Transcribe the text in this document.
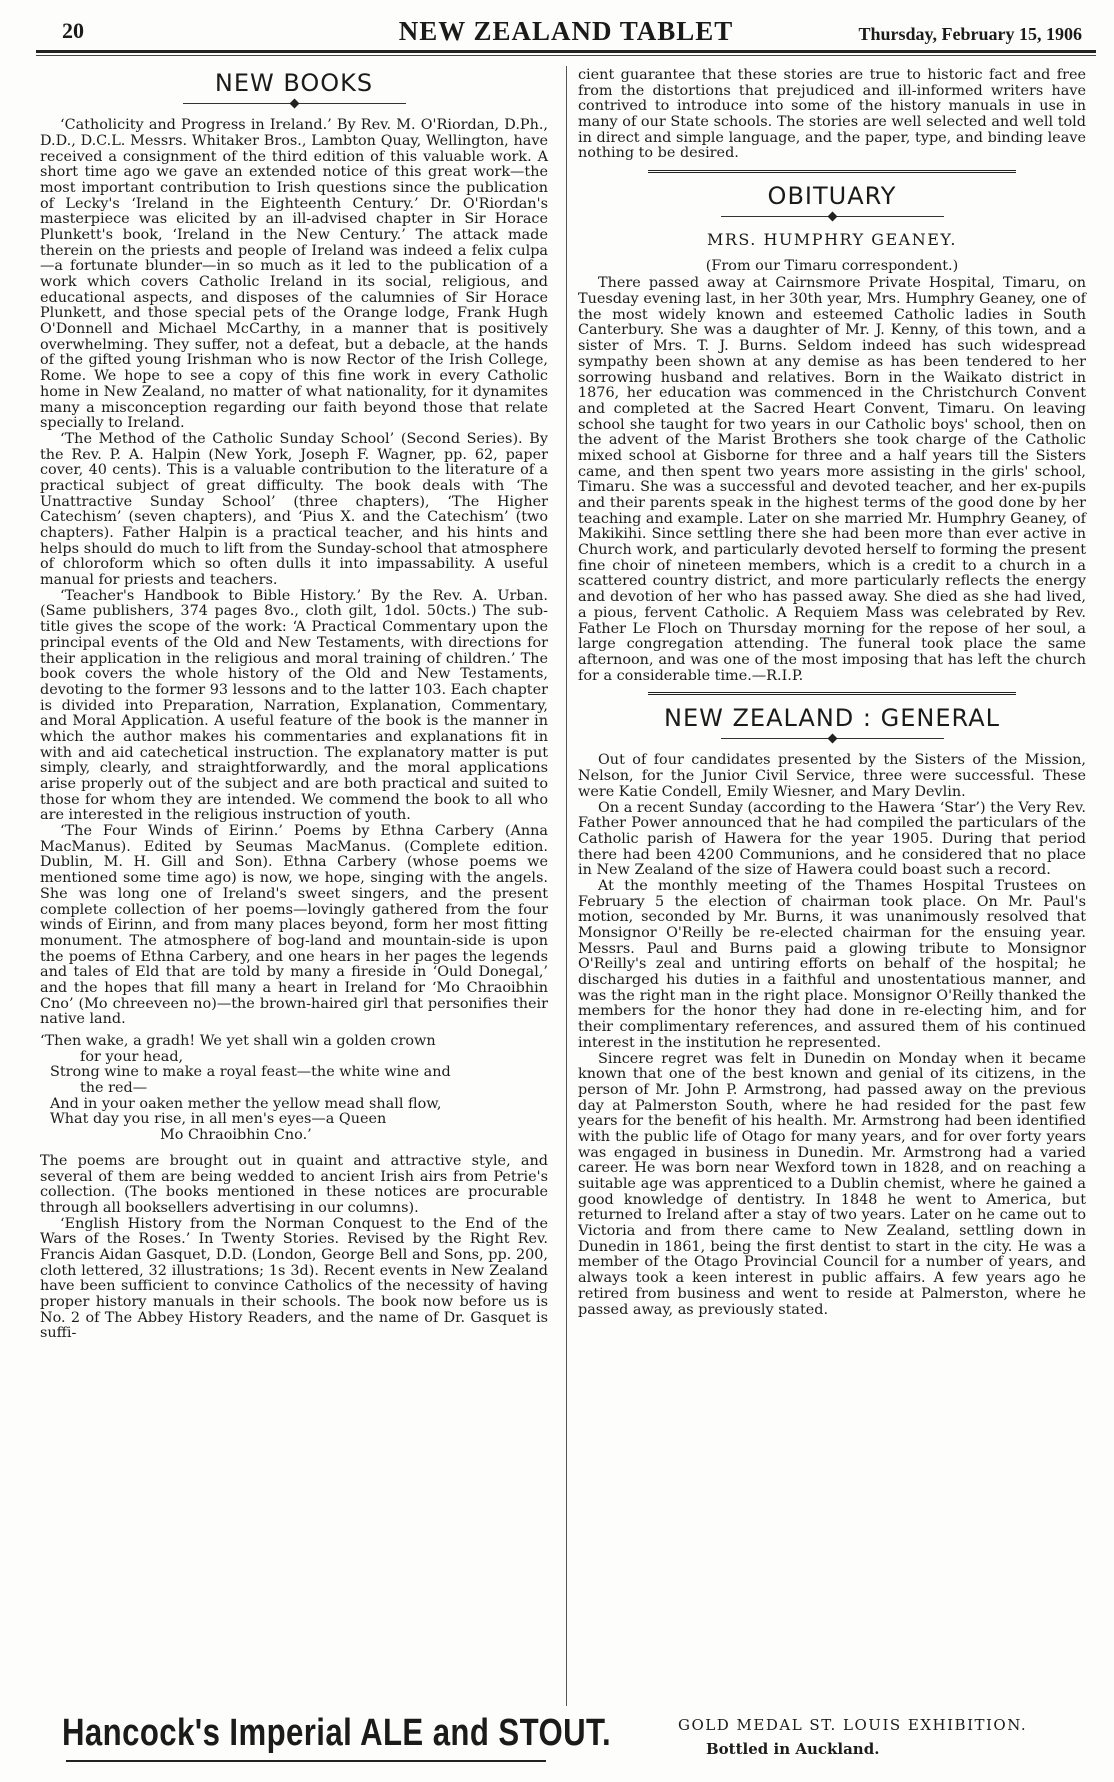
20	NEW ZEALAND TABLET	Thursday, February 15, 1906
NEW BOOKS

‘Catholicity and Progress in Ireland.’ By Rev. M. O'Riordan, D.Ph., D.D., D.C.L. Messrs. Whitaker Bros., Lambton Quay, Wellington, have received a consignment of the third edition of this valuable work. A short time ago we gave an extended notice of this great work—the most important contribution to Irish questions since the publication of Lecky's ‘Ireland in the Eighteenth Century.’ Dr. O'Riordan's masterpiece was elicited by an ill-advised chapter in Sir Horace Plunkett's book, ‘Ireland in the New Century.’ The attack made therein on the priests and people of Ireland was indeed a felix culpa—a fortunate blunder—in so much as it led to the publication of a work which covers Catholic Ireland in its social, religious, and educational aspects, and disposes of the calumnies of Sir Horace Plunkett, and those special pets of the Orange lodge, Frank Hugh O'Donnell and Michael McCarthy, in a manner that is positively overwhelming. They suffer, not a defeat, but a debacle, at the hands of the gifted young Irishman who is now Rector of the Irish College, Rome. We hope to see a copy of this fine work in every Catholic home in New Zealand, no matter of what nationality, for it dynamites many a misconception regarding our faith beyond those that relate specially to Ireland.

‘The Method of the Catholic Sunday School’ (Second Series). By the Rev. P. A. Halpin (New York, Joseph F. Wagner, pp. 62, paper cover, 40 cents). This is a valuable contribution to the literature of a practical subject of great difficulty. The book deals with ‘The Unattractive Sunday School’ (three chapters), ‘The Higher Catechism’ (seven chapters), and ‘Pius X. and the Catechism’ (two chapters). Father Halpin is a practical teacher, and his hints and helps should do much to lift from the Sunday-school that atmosphere of chloroform which so often dulls it into impassability. A useful manual for priests and teachers.

‘Teacher's Handbook to Bible History.’ By the Rev. A. Urban. (Same publishers, 374 pages 8vo., cloth gilt, 1dol. 50cts.) The sub-title gives the scope of the work: ‘A Practical Commentary upon the principal events of the Old and New Testaments, with directions for their application in the religious and moral training of children.’ The book covers the whole history of the Old and New Testaments, devoting to the former 93 lessons and to the latter 103. Each chapter is divided into Preparation, Narration, Explanation, Commentary, and Moral Application. A useful feature of the book is the manner in which the author makes his commentaries and explanations fit in with and aid catechetical instruction. The explanatory matter is put simply, clearly, and straightforwardly, and the moral applications arise properly out of the subject and are both practical and suited to those for whom they are intended. We commend the book to all who are interested in the religious instruction of youth.

‘The Four Winds of Eirinn.’ Poems by Ethna Carbery (Anna MacManus). Edited by Seumas MacManus. (Complete edition. Dublin, M. H. Gill and Son). Ethna Carbery (whose poems we mentioned some time ago) is now, we hope, singing with the angels. She was long one of Ireland's sweet singers, and the present complete collection of her poems—lovingly gathered from the four winds of Eirinn, and from many places beyond, form her most fitting monument. The atmosphere of bog-land and mountain-side is upon the poems of Ethna Carbery, and one hears in her pages the legends and tales of Eld that are told by many a fireside in ‘Ould Donegal,’ and the hopes that fill many a heart in Ireland for ‘Mo Chraoibhin Cno’ (Mo chreeveen no)—the brown-haired girl that personifies their native land.

‘Then wake, a gradh! We yet shall win a golden crown
for your head,
Strong wine to make a royal feast—the white wine and
the red—
And in your oaken mether the yellow mead shall flow,
What day you rise, in all men's eyes—a Queen
Mo Chraoibhin Cno.’

The poems are brought out in quaint and attractive style, and several of them are being wedded to ancient Irish airs from Petrie's collection. (The books mentioned in these notices are procurable through all booksellers advertising in our columns).

‘English History from the Norman Conquest to the End of the Wars of the Roses.’ In Twenty Stories. Revised by the Right Rev. Francis Aidan Gasquet, D.D. (London, George Bell and Sons, pp. 200, cloth lettered, 32 illustrations; 1s 3d). Recent events in New Zealand have been sufficient to convince Catholics of the necessity of having proper history manuals in their schools. The book now before us is No. 2 of The Abbey History Readers, and the name of Dr. Gasquet is suffi-

cient guarantee that these stories are true to historic fact and free from the distortions that prejudiced and ill-informed writers have contrived to introduce into some of the history manuals in use in many of our State schools. The stories are well selected and well told in direct and simple language, and the paper, type, and binding leave nothing to be desired.

OBITUARY
MRS. HUMPHRY GEANEY.
(From our Timaru correspondent.)

There passed away at Cairnsmore Private Hospital, Timaru, on Tuesday evening last, in her 30th year, Mrs. Humphry Geaney, one of the most widely known and esteemed Catholic ladies in South Canterbury. She was a daughter of Mr. J. Kenny, of this town, and a sister of Mrs. T. J. Burns. Seldom indeed has such widespread sympathy been shown at any demise as has been tendered to her sorrowing husband and relatives. Born in the Waikato district in 1876, her education was commenced in the Christchurch Convent and completed at the Sacred Heart Convent, Timaru. On leaving school she taught for two years in our Catholic boys' school, then on the advent of the Marist Brothers she took charge of the Catholic mixed school at Gisborne for three and a half years till the Sisters came, and then spent two years more assisting in the girls' school, Timaru. She was a successful and devoted teacher, and her ex-pupils and their parents speak in the highest terms of the good done by her teaching and example. Later on she married Mr. Humphry Geaney, of Makikihi. Since settling there she had been more than ever active in Church work, and particularly devoted herself to forming the present fine choir of nineteen members, which is a credit to a church in a scattered country district, and more particularly reflects the energy and devotion of her who has passed away. She died as she had lived, a pious, fervent Catholic. A Requiem Mass was celebrated by Rev. Father Le Floch on Thursday morning for the repose of her soul, a large congregation attending. The funeral took place the same afternoon, and was one of the most imposing that has left the church for a considerable time.—R.I.P.

NEW ZEALAND : GENERAL

Out of four candidates presented by the Sisters of the Mission, Nelson, for the Junior Civil Service, three were successful. These were Katie Condell, Emily Wiesner, and Mary Devlin.

On a recent Sunday (according to the Hawera ‘Star’) the Very Rev. Father Power announced that he had compiled the particulars of the Catholic parish of Hawera for the year 1905. During that period there had been 4200 Communions, and he considered that no place in New Zealand of the size of Hawera could boast such a record.

At the monthly meeting of the Thames Hospital Trustees on February 5 the election of chairman took place. On Mr. Paul's motion, seconded by Mr. Burns, it was unanimously resolved that Monsignor O'Reilly be re-elected chairman for the ensuing year. Messrs. Paul and Burns paid a glowing tribute to Monsignor O'Reilly's zeal and untiring efforts on behalf of the hospital; he discharged his duties in a faithful and unostentatious manner, and was the right man in the right place. Monsignor O'Reilly thanked the members for the honor they had done in re-electing him, and for their complimentary references, and assured them of his continued interest in the institution he represented.

Sincere regret was felt in Dunedin on Monday when it became known that one of the best known and genial of its citizens, in the person of Mr. John P. Armstrong, had passed away on the previous day at Palmerston South, where he had resided for the past few years for the benefit of his health. Mr. Armstrong had been identified with the public life of Otago for many years, and for over forty years was engaged in business in Dunedin. Mr. Armstrong had a varied career. He was born near Wexford town in 1828, and on reaching a suitable age was apprenticed to a Dublin chemist, where he gained a good knowledge of dentistry. In 1848 he went to America, but returned to Ireland after a stay of two years. Later on he came out to Victoria and from there came to New Zealand, settling down in Dunedin in 1861, being the first dentist to start in the city. He was a member of the Otago Provincial Council for a number of years, and always took a keen interest in public affairs. A few years ago he retired from business and went to reside at Palmerston, where he passed away, as previously stated.

Hancock's Imperial ALE and STOUT.	GOLD MEDAL ST. LOUIS EXHIBITION.
Bottled in Auckland.
